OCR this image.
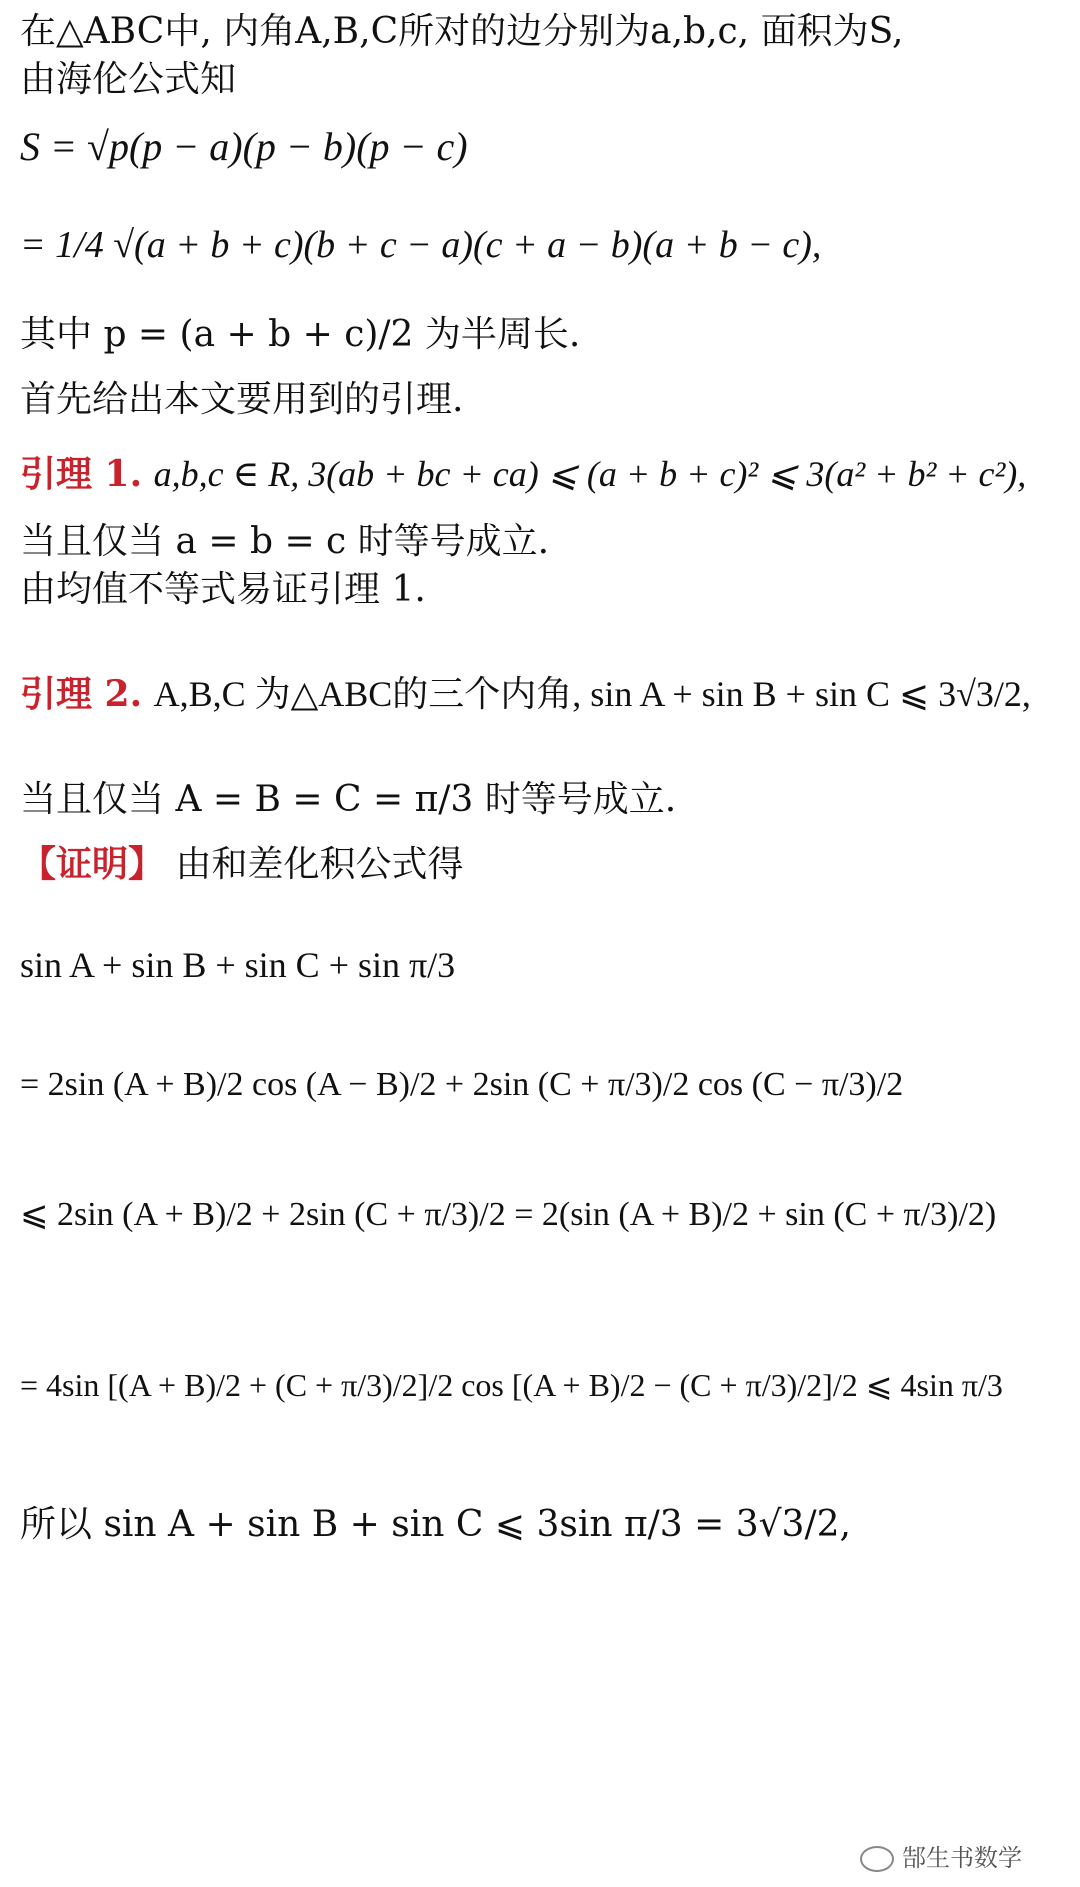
在△ABC中, 内角A,B,C所对的边分别为a,b,c, 面积为S,
由海伦公式知
S = √p(p − a)(p − b)(p − c)
= 1/4 √(a + b + c)(b + c − a)(c + a − b)(a + b − c),
其中 p = (a + b + c)/2 为半周长.
首先给出本文要用到的引理.
引理 1. a,b,c ∈ R, 3(ab + bc + ca) ⩽ (a + b + c)² ⩽ 3(a² + b² + c²),
当且仅当 a = b = c 时等号成立.
由均值不等式易证引理 1.
引理 2. A,B,C 为△ABC的三个内角, sin A + sin B + sin C ⩽ 3√3/2,
当且仅当 A = B = C = π/3 时等号成立.
【证明】 由和差化积公式得
sin A + sin B + sin C + sin π/3
= 2sin (A + B)/2 cos (A − B)/2 + 2sin (C + π/3)/2 cos (C − π/3)/2
⩽ 2sin (A + B)/2 + 2sin (C + π/3)/2 = 2(sin (A + B)/2 + sin (C + π/3)/2)
= 4sin [(A + B)/2 + (C + π/3)/2]/2 cos [(A + B)/2 − (C + π/3)/2]/2 ⩽ 4sin π/3
所以 sin A + sin B + sin C ⩽ 3sin π/3 = 3√3/2,
郜生书数学
